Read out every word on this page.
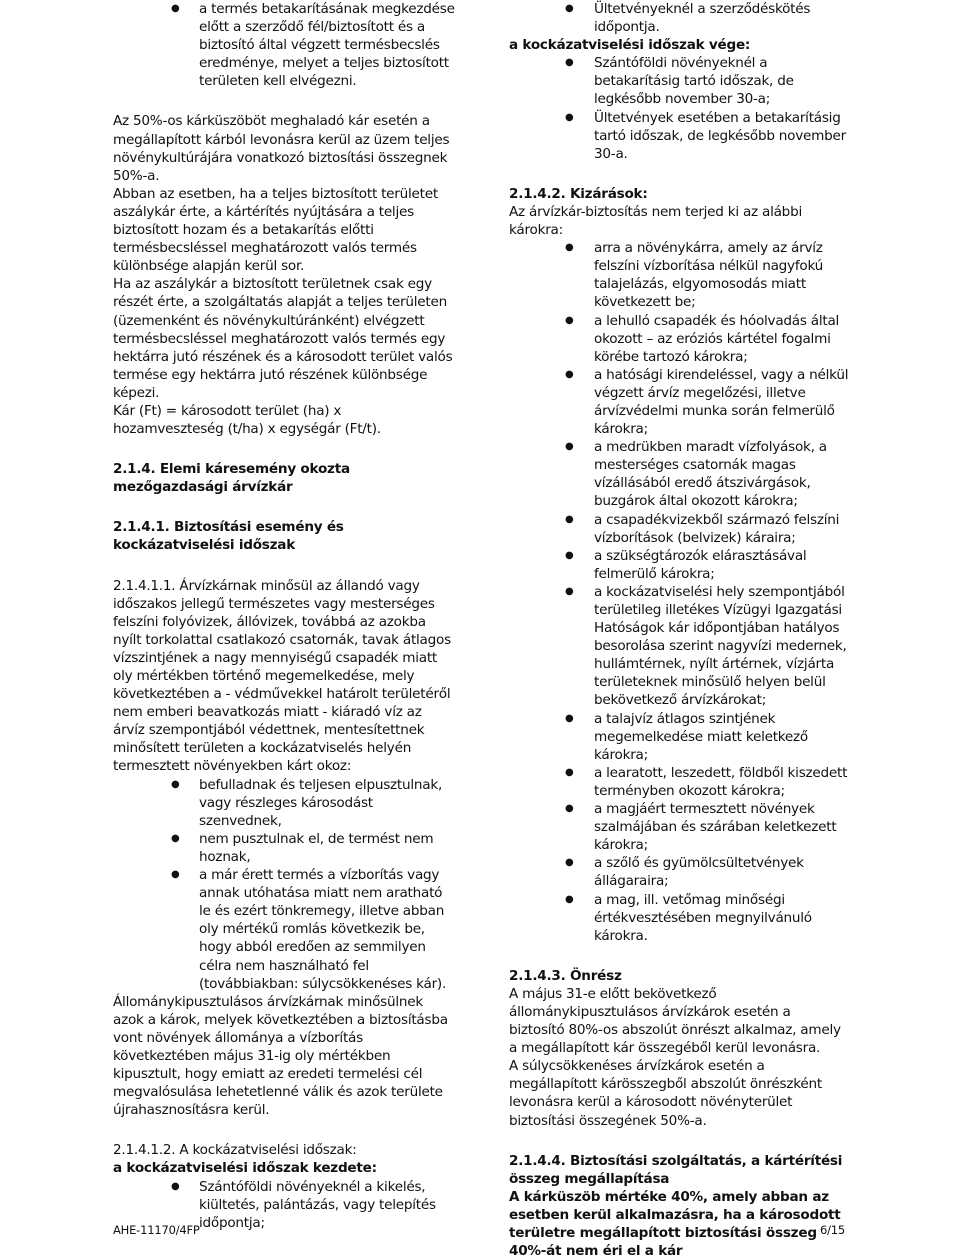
● a termés betakarításának megkezdése előtt a szerződő fél/biztosított és a biztosító által végzett termésbecslés eredménye, melyet a teljes biztosított területen kell elvégezni.

Az 50%-os kárküszöböt meghaladó kár esetén a megállapított kárból levonásra kerül az üzem teljes növénykultúrájára vonatkozó biztosítási összegnek 50%-a.

Abban az esetben, ha a teljes biztosított területet aszálykár érte, a kártérítés nyújtására a teljes biztosított hozam és a betakarítás előtti termésbecsléssel meghatározott valós termés különbsége alapján kerül sor.

Ha az aszálykár a biztosított területnek csak egy részét érte, a szolgáltatás alapját a teljes területen (üzemenként és növénykultúránként) elvégzett termésbecsléssel meghatározott valós termés egy hektárra jutó részének és a károsodott terület valós termése egy hektárra jutó részének különbsége képezi.

Kár (Ft) = károsodott terület (ha) x hozamveszteség (t/ha) x egységár (Ft/t).

2.1.4. Elemi káresemény okozta mezőgazdasági árvízkár

2.1.4.1. Biztosítási esemény és kockázatviselési időszak

2.1.4.1.1. Árvízkárnak minősül az állandó vagy időszakos jellegű természetes vagy mesterséges felszíni folyóvizek, állóvizek, továbbá az azokba nyílt torkolattal csatlakozó csatornák, tavak átlagos vízszintjének a nagy mennyiségű csapadék miatt oly mértékben történő megemelkedése, mely következtében a - védművekkel határolt területéről nem emberi beavatkozás miatt - kiáradó víz az árvíz szempontjából védettnek, mentesítettnek minősített területen a kockázatviselés helyén termesztett növényekben kárt okoz:

● befulladnak és teljesen elpusztulnak, vagy részleges károsodást szenvednek,
● nem pusztulnak el, de termést nem hoznak,
● a már érett termés a vízborítás vagy annak utóhatása miatt nem aratható le és ezért tönkremegy, illetve abban oly mértékű romlás következik be, hogy abból eredően az semmilyen célra nem használható fel (továbbiakban: súlycsökkenéses kár).

Állománykipusztulásos árvízkárnak minősülnek azok a károk, melyek következtében a biztosításba vont növények állománya a vízborítás következtében május 31-ig oly mértékben kipusztult, hogy emiatt az eredeti termelési cél megvalósulása lehetetlenné válik és azok területe újrahasznosításra kerül.

2.1.4.1.2. A kockázatviselési időszak:

a kockázatviselési időszak kezdete:

● Szántóföldi növényeknél a kikelés, kiültetés, palántázás, vagy telepítés időpontja;
● Ültetvényeknél a szerződéskötés időpontja.

a kockázatviselési időszak vége:

● Szántóföldi növényeknél a betakarításig tartó időszak, de legkésőbb november 30-a;
● Ültetvények esetében a betakarításig tartó időszak, de legkésőbb november 30-a.

2.1.4.2. Kizárások:

Az árvízkár-biztosítás nem terjed ki az alábbi károkra:

● arra a növénykárra, amely az árvíz felszíni vízborítása nélkül nagyfokú talajelázás, elgyomosodás miatt következett be;
● a lehulló csapadék és hóolvadás által okozott – az eróziós kártétel fogalmi körébe tartozó károkra;
● a hatósági kirendeléssel, vagy a nélkül végzett árvíz megelőzési, illetve árvízvédelmi munka során felmerülő károkra;
● a medrükben maradt vízfolyások, a mesterséges csatornák magas vízállásából eredő átszivárgások, buzgárok által okozott károkra;
● a csapadékvizekből származó felszíni vízborítások (belvizek) káraira;
● a szükségtározók elárasztásával felmerülő károkra;
● a kockázatviselési hely szempontjából területileg illetékes Vízügyi Igazgatási Hatóságok kár időpontjában hatályos besorolása szerint nagyvízi medernek, hullámtérnek, nyílt ártérnek, vízjárta területeknek minősülő helyen belül bekövetkező árvízkárokat;
● a talajvíz átlagos szintjének megemelkedése miatt keletkező károkra;
● a learatott, leszedett, földből kiszedett terményben okozott károkra;
● a magjáért termesztett növények szalmájában és szárában keletkezett károkra;
● a szőlő és gyümölcsültetvények állágaraira;
● a mag, ill. vetőmag minőségi értékvesztésében megnyilvánuló károkra.

2.1.4.3. Önrész

A május 31-e előtt bekövetkező állománykipusztulásos árvízkárok esetén a biztosító 80%-os abszolút önrészt alkalmaz, amely a megállapított kár összegéből kerül levonásra.

A súlycsökkenéses árvízkárok esetén a megállapított kárösszegből abszolút önrészként levonásra kerül a károsodott növényterület biztosítási összegének 50%-a.

2.1.4.4. Biztosítási szolgáltatás, a kártérítési összeg megállapítása

A kárküszöb mértéke 40%, amely abban az esetben kerül alkalmazásra, ha a károsodott területre megállapított biztosítási összeg 40%-át nem éri el a kár

AHE-11170/4FP	6/15
